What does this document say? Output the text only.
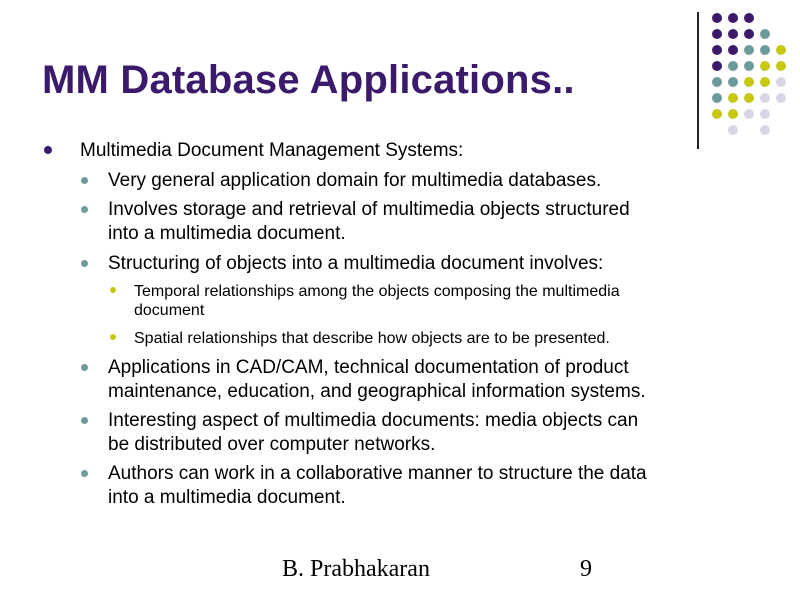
MM Database Applications..
Multimedia Document Management Systems:
Very general application domain for multimedia databases.
Involves storage and retrieval of multimedia objects structured
into a multimedia document.
Structuring of objects into a multimedia document involves:
Temporal relationships among the objects composing the multimedia
document
Spatial relationships that describe how objects are to be presented.
Applications in CAD/CAM, technical documentation of product
maintenance, education, and geographical information systems.
Interesting aspect of multimedia documents: media objects can
be distributed over computer networks.
Authors can work in a collaborative manner to structure the data
into a multimedia document.
B. Prabhakaran	9
